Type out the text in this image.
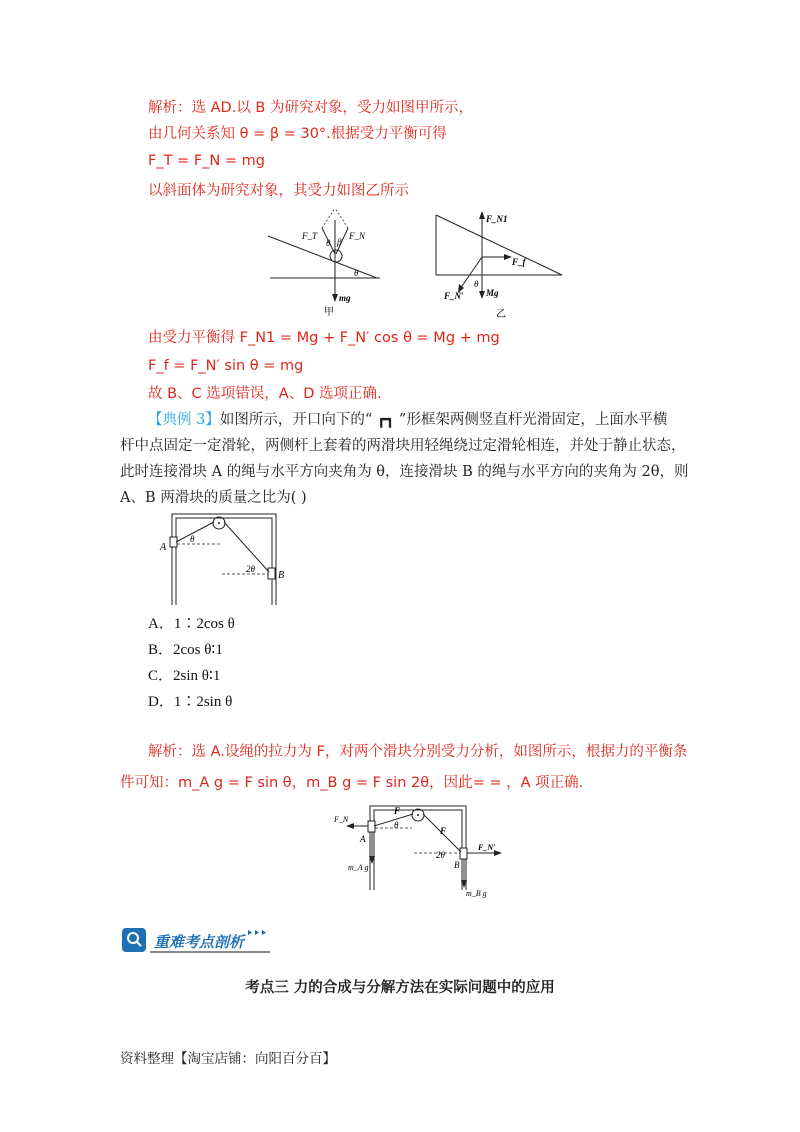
解析：选 AD.以 B 为研究对象，受力如图甲所示，
由几何关系知 θ = β = 30°.根据受力平衡可得
F_T = F_N = mg
以斜面体为研究对象，其受力如图乙所示
F_T	F_N
θ β
θ
mg
甲
F_N1
F_f
F_N′
θ
Mg
乙
由受力平衡得 F_N1 = Mg + F_N′ cos θ = Mg + mg
F_f = F_N′ sin θ = mg
故 B、C 选项错误，A、D 选项正确.
【典例 3】如图所示，开口向下的“ ┏┓ ”形框架两侧竖直杆光滑固定，上面水平横
杆中点固定一定滑轮，两侧杆上套着的两滑块用轻绳绕过定滑轮相连，并处于静止状态，
此时连接滑块 A 的绳与水平方向夹角为 θ，连接滑块 B 的绳与水平方向的夹角为 2θ，则
A、B 两滑块的质量之比为( )
A
B
θ
2θ
A．1∶2cos θ
B．2cos θ∶1
C．2sin θ∶1
D．1∶2sin θ
解析：选 A.设绳的拉力为 F，对两个滑块分别受力分析，如图所示，根据力的平衡条
件可知：m_A g = F sin θ，m_B g = F sin 2θ，因此= = ，A 项正确.
F_N
F
θ
A
m_A g
F
2θ
F_N′
B
m_B g
重难考点剖析
考点三 力的合成与分解方法在实际问题中的应用
资料整理【淘宝店铺：向阳百分百】
